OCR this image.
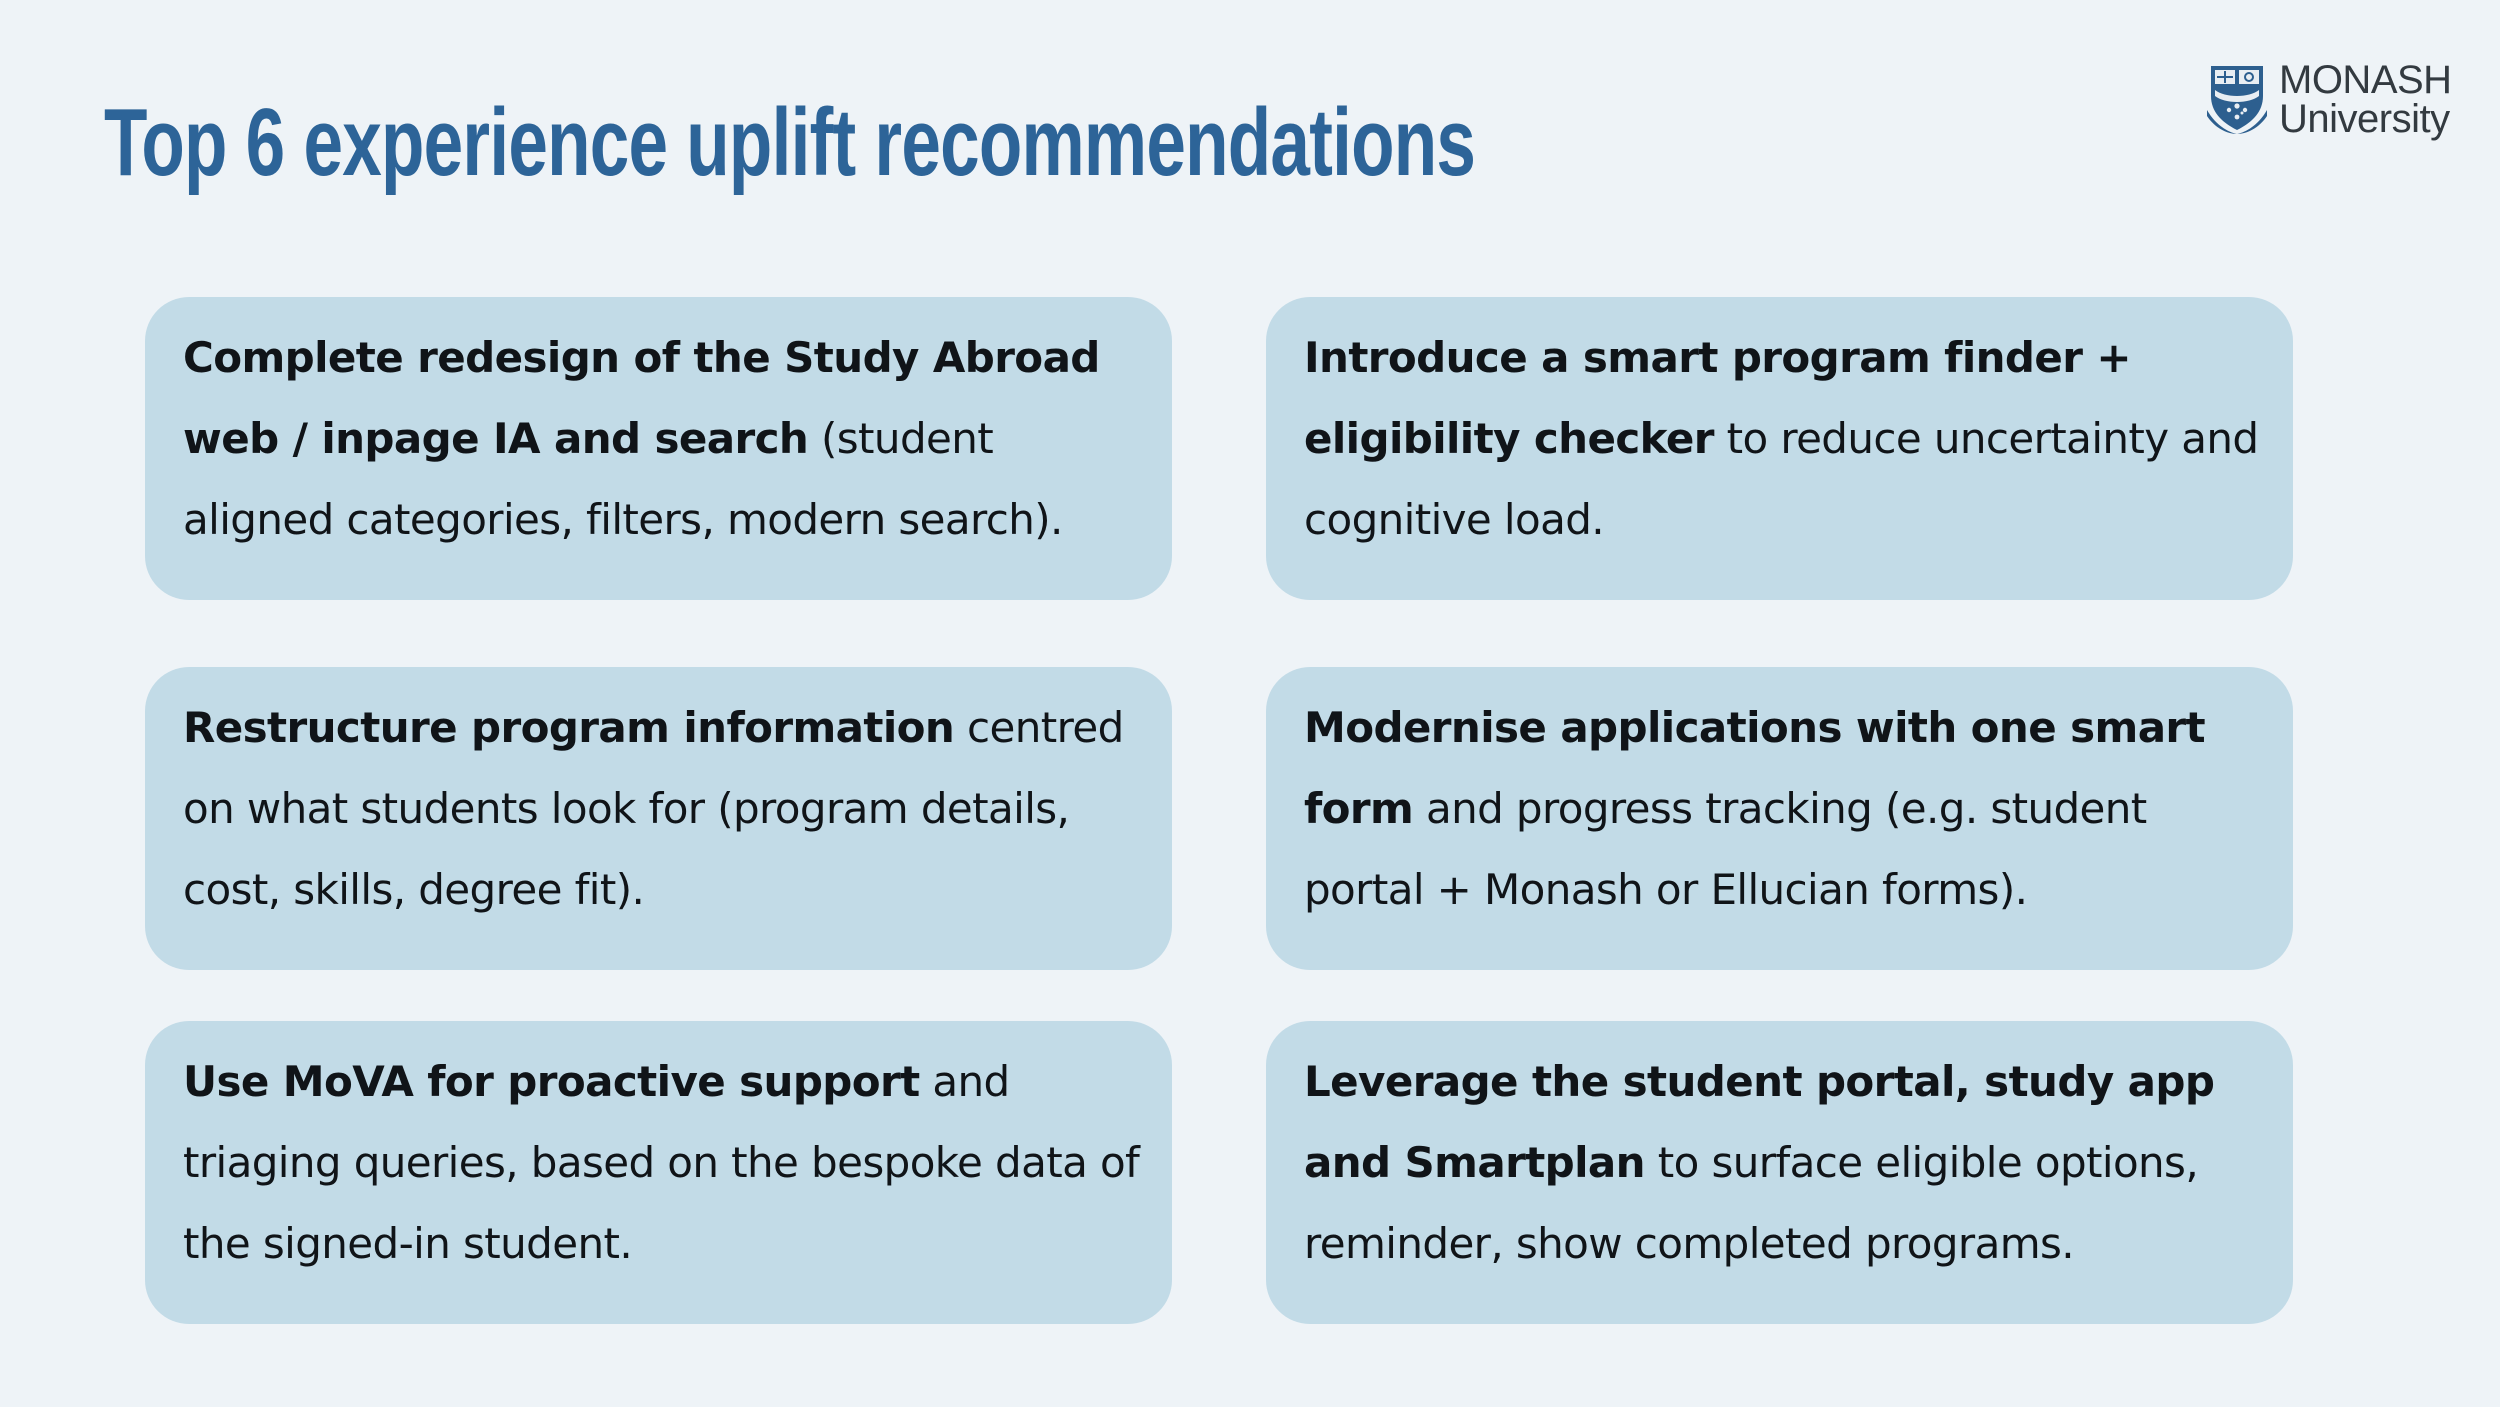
Top 6 experience uplift recommendations
MONASH
University

Complete redesign of the Study Abroad web / inpage IA and search (student aligned categories, filters, modern search).

Introduce a smart program finder + eligibility checker to reduce uncertainty and cognitive load.

Restructure program information centred on what students look for (program details, cost, skills, degree fit).

Modernise applications with one smart form and progress tracking (e.g. student portal + Monash or Ellucian forms).

Use MoVA for proactive support and triaging queries, based on the bespoke data of the signed-in student.

Leverage the student portal, study app and Smartplan to surface eligible options, reminder, show completed programs.
